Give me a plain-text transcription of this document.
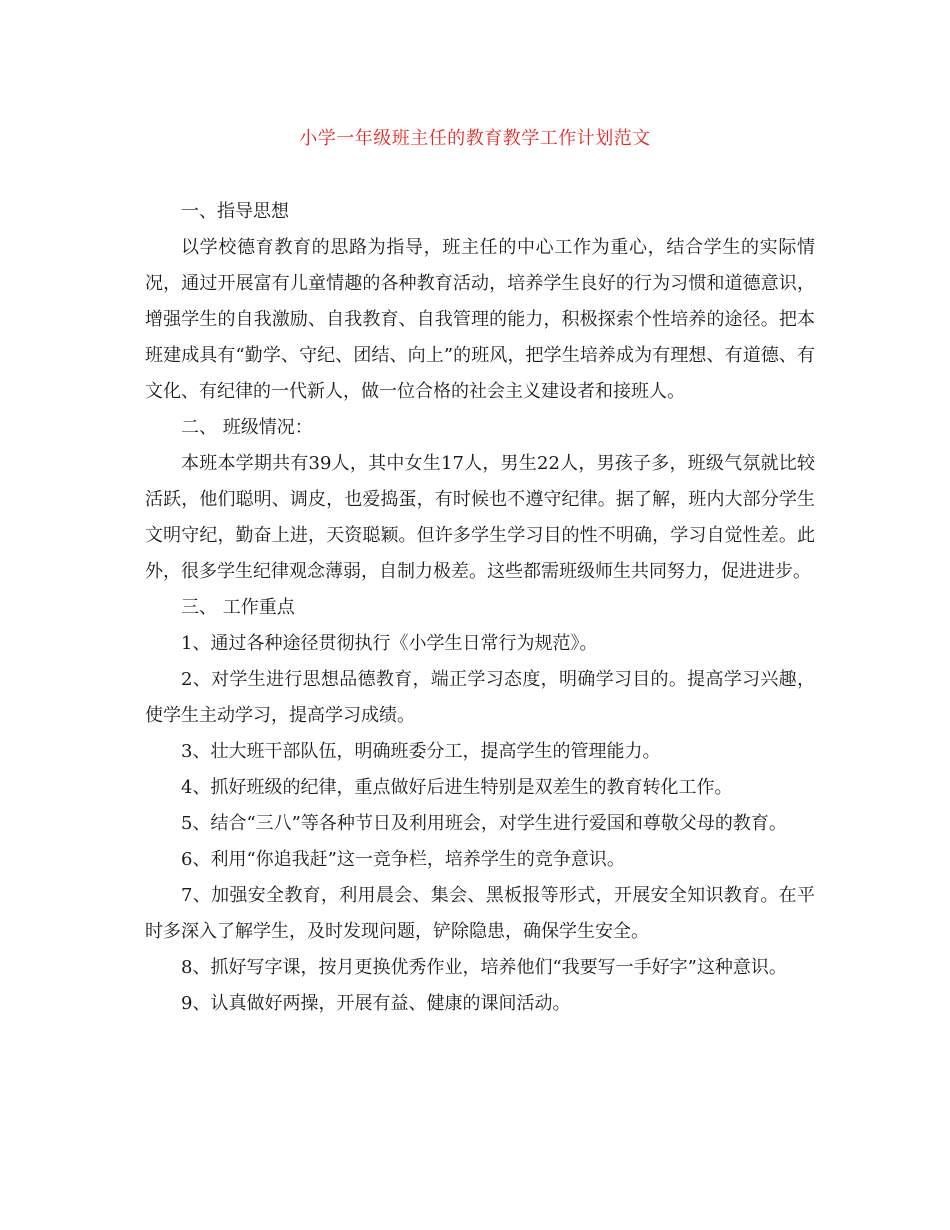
小学一年级班主任的教育教学工作计划范文

一、指导思想

以学校德育教育的思路为指导，班主任的中心工作为重心，结合学生的实际情况，通过开展富有儿童情趣的各种教育活动，培养学生良好的行为习惯和道德意识，增强学生的自我激励、自我教育、自我管理的能力，积极探索个性培养的途径。把本班建成具有“勤学、守纪、团结、向上”的班风，把学生培养成为有理想、有道德、有文化、有纪律的一代新人，做一位合格的社会主义建设者和接班人。

二、 班级情况：

本班本学期共有39人，其中女生17人，男生22人，男孩子多，班级气氛就比较活跃，他们聪明、调皮，也爱捣蛋，有时候也不遵守纪律。据了解，班内大部分学生文明守纪，勤奋上进，天资聪颖。但许多学生学习目的性不明确，学习自觉性差。此外，很多学生纪律观念薄弱，自制力极差。这些都需班级师生共同努力，促进进步。

三、 工作重点

1、通过各种途径贯彻执行《小学生日常行为规范》。

2、对学生进行思想品德教育，端正学习态度，明确学习目的。提高学习兴趣，使学生主动学习，提高学习成绩。

3、壮大班干部队伍，明确班委分工，提高学生的管理能力。

4、抓好班级的纪律，重点做好后进生特别是双差生的教育转化工作。

5、结合“三八”等各种节日及利用班会，对学生进行爱国和尊敬父母的教育。

6、利用“你追我赶”这一竞争栏，培养学生的竞争意识。

7、加强安全教育，利用晨会、集会、黑板报等形式，开展安全知识教育。在平时多深入了解学生，及时发现问题，铲除隐患，确保学生安全。

8、抓好写字课，按月更换优秀作业，培养他们“我要写一手好字”这种意识。

9、认真做好两操，开展有益、健康的课间活动。
